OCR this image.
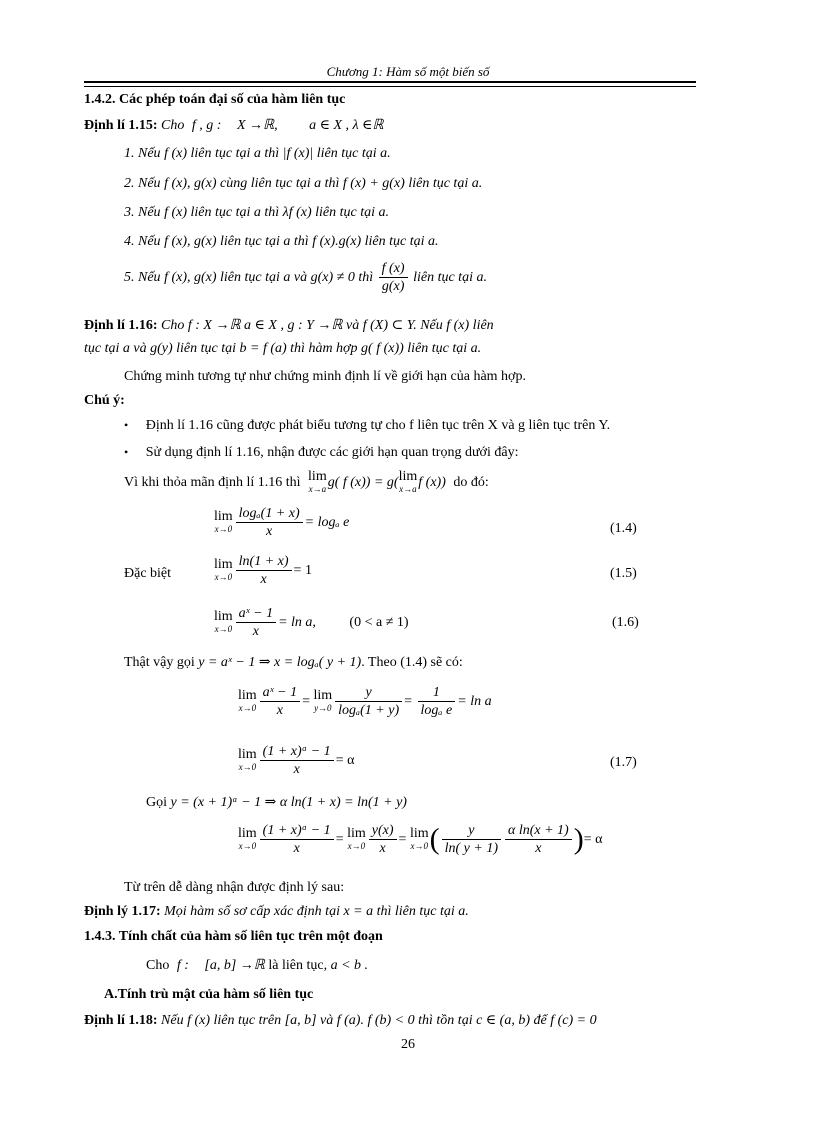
Chương 1: Hàm số một biến số
1.4.2. Các phép toán đại số của hàm liên tục
Định lí 1.15: Cho f , g : X →ℝ, a ∈ X , λ ∈ℝ
1. Nếu f (x) liên tục tại a thì |f (x)| liên tục tại a.
2. Nếu f (x), g(x) cùng liên tục tại a thì f (x) + g(x) liên tục tại a.
3. Nếu f (x) liên tục tại a thì λf (x) liên tục tại a.
4. Nếu f (x), g(x) liên tục tại a thì f (x).g(x) liên tục tại a.
5. Nếu f (x), g(x) liên tục tại a và g(x) ≠ 0 thì $\frac{f (x)}{g(x)}$ liên tục tại a.
Định lí 1.16: Cho f : X →ℝ a ∈ X , g : Y →ℝ và f (X) ⊂ Y. Nếu f (x) liên
tục tại a và g(y) liên tục tại b = f (a) thì hàm hợp g( f (x)) liên tục tại a.
Chứng minh tương tự như chứng minh định lí về giới hạn của hàm hợp.
Chú ý:
• Định lí 1.16 cũng được phát biểu tương tự cho f liên tục trên X và g liên tục trên Y.
• Sử dụng định lí 1.16, nhận được các giới hạn quan trọng dưới đây:
Vì khi thỏa mãn định lí 1.16 thì lim
x→a g( f (x)) = g( lim
x→a f (x)) do đó:
lim
$x\to 0 \frac{\text{logₐ(1 + x)}}{x} = \log_a$ e	(1.4)
Đặc biệt
lim
$x\to 0 \frac{\ln(1 + x)}{x} = 1$	(1.5)
lim
$x\to 0 \frac{\text{aˣ − 1}}{x} = \ln a$, (0 < a ≠ 1)	(1.6)
Thật vậy gọi y = aˣ − 1 ⇒ x = logₐ( y + 1). Theo (1.4) sẽ có:
lim
$x\to 0 \frac{\text{aˣ − 1}}{x} = \lim$
$y\to 0 \frac{y}{\text{logₐ(1 + y)}} = \frac{1}{\text{logₐ e}} = \ln a$
lim
$x\to 0 \frac{\text{(1 + x)ᵅ − 1}}{x} = \alpha$	(1.7)
Gọi y = (x + 1)ᵅ − 1 ⇒ α ln(1 + x) = ln(1 + y)
lim
$x\to 0 \frac{\text{(1 + x)ᵅ − 1}}{x} = \lim$
$x\to 0 \frac{y(x)}{x} = \lim$
x→0 ( $\frac{y}{\ln( y + 1)} \frac{\text{α ln(x + 1)}}{x}$ )= α
Từ trên dễ dàng nhận được định lý sau:
Định lý 1.17: Mọi hàm số sơ cấp xác định tại x = a thì liên tục tại a.
1.4.3. Tính chất của hàm số liên tục trên một đoạn
Cho f : [a, b] →ℝ là liên tục, a < b .
A.Tính trù mật của hàm số liên tục
Định lí 1.18: Nếu f (x) liên tục trên [a, b] và f (a). f (b) < 0 thì tồn tại c ∈ (a, b) để f (c) = 0
26
